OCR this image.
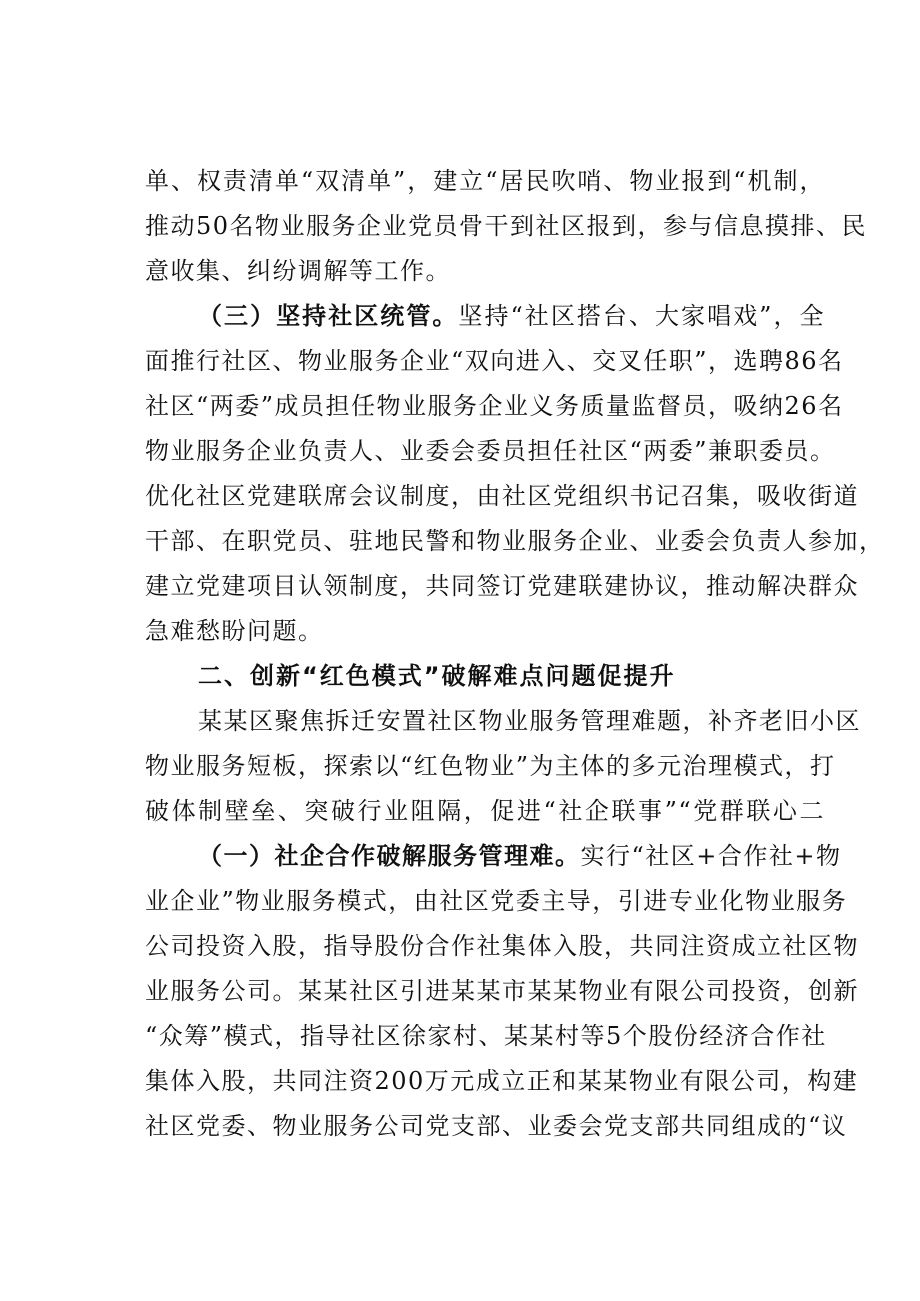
单、权责清单“双清单”，建立“居民吹哨、物业报到“机制，
推动50名物业服务企业党员骨干到社区报到，参与信息摸排、民
意收集、纠纷调解等工作。
（三）坚持社区统管。坚持“社区搭台、大家唱戏”，全
面推行社区、物业服务企业“双向进入、交叉任职”，选聘86名
社区“两委”成员担任物业服务企业义务质量监督员，吸纳26名
物业服务企业负责人、业委会委员担任社区“两委”兼职委员。
优化社区党建联席会议制度，由社区党组织书记召集，吸收街道
干部、在职党员、驻地民警和物业服务企业、业委会负责人参加，
建立党建项目认领制度，共同签订党建联建协议，推动解决群众
急难愁盼问题。
二、创新“红色模式”破解难点问题促提升
某某区聚焦拆迁安置社区物业服务管理难题，补齐老旧小区
物业服务短板，探索以“红色物业”为主体的多元治理模式，打
破体制壁垒、突破行业阻隔，促进“社企联事”“党群联心二
（一）社企合作破解服务管理难。实行“社区+合作社+物
业企业”物业服务模式，由社区党委主导，引进专业化物业服务
公司投资入股，指导股份合作社集体入股，共同注资成立社区物
业服务公司。某某社区引进某某市某某物业有限公司投资，创新
“众筹”模式，指导社区徐家村、某某村等5个股份经济合作社
集体入股，共同注资200万元成立正和某某物业有限公司，构建
社区党委、物业服务公司党支部、业委会党支部共同组成的“议
